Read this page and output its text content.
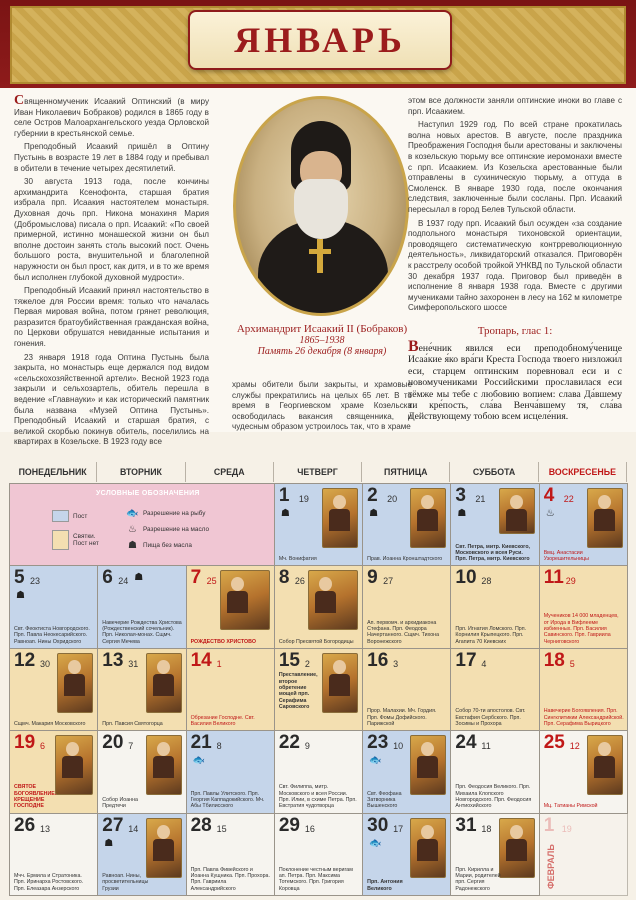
ЯНВАРЬ

Священномученик Исаакий Оптинский (в миру Иван Николаевич Бобраков) родился в 1865 году в селе Остров Малоархангельского уезда Орловской губернии в крестьянской семье.

Преподобный Исаакий пришёл в Оптину Пустынь в возрасте 19 лет в 1884 году и пребывал в обители в течение четырех десятилетий.

30 августа 1913 года, после кончины архимандрита Ксенофонта, старшая братия избрала прп. Исаакия настоятелем монастыря. Духовная дочь прп. Никона монахиня Мария (Добромыслова) писала о прп. Исаакий: «По своей примерной, истинно монашеской жизни он был вполне достоин занять столь высокий пост. Очень большого роста, внушительной и благолепной наружности он был прост, как дитя, и в то же время был исполнен глубокой духовной мудрости».

Преподобный Исаакий принял настоятельство в тяжелое для России время: только что началась Первая мировая война, потом грянет революция, разразится братоубийственная гражданская война, по Церкови обрушатся невиданные испытания и гонения.

23 января 1918 года Оптина Пустынь была закрыта, но монастырь еще держался под видом «сельскохозяйственной артели». Весной 1923 года закрыли и сельхозартель, обитель перешла в ведение «Главнауки» и как исторический памятник была названа «Музей Оптина Пустынь». Преподобный Исаакий и старшая братия, с великой скорбью покинув обитель, поселились на квартирах в Козельске. В 1923 году все

Архимандрит Исаакий II (Бобраков)
1865–1938
Память 26 декабря (8 января)

храмы обители были закрыты, и храмовые службы прекратились на целых 65 лет. В то время в Георгиевском храме Козельска освободилась вакансия священника, и чудесным образом устроилось так, что в храме

этом все должности заняли оптинские иноки во главе с прп. Исаакием.

Наступил 1929 год. По всей стране прокатилась волна новых арестов. В августе, после праздника Преображения Господня были арестованы и заключены в козельскую тюрьму все оптинские иеромонахи вместе с прп. Исаакием. Из Козельска арестованные были отправлены в сухиническую тюрьму, а оттуда в Смоленск. В январе 1930 года, после окончания следствия, заключенные были сосланы. Прп. Исаакий пересылал в город Белев Тульской области.

В 1937 году прп. Исаакий был осужден «за создание подпольного монастыря тихоновской ориентации, проводящего систематическую контрреволюционную деятельность», ликвидаторский отказался. Приговорён к расстрелу особой тройкой УНКВД по Тульской области 30 декабря 1937 года. Приговор был приведён в исполнение 8 января 1938 года. Вместе с другими мучениками тайно захоронен в лесу на 162 м километре Симферопольского шоссе

Тропарь, глас 1:
Вене́чник явился еси преподобному́ченице Исаа́кие я́ко вра́ги Креста Господа твоего низложи́л еси, старцем оптинским поревновал еси и с новомучениками Российскими прославилася еси тёмже мы тебе с любовию вопием: слава Да́вшему ти кре́пость, сла́ва Венча́вшему тя, сла́ва Действующему тобою всем исцеле́ния.
ПОНЕДЕЛЬНИК	ВТОРНИК	СРЕДА	ЧЕТВЕРГ	ПЯТНИЦА	СУББОТА	ВОСКРЕСЕНЬЕ
УСЛОВНЫЕ ОБОЗНАЧЕНИЯ
Пост
Святки. Пост нет
🐟 Разрешение на рыбу
♨ Разрешение на масло
☗ Пища без масла
1 19
☗
Мч. Вонифатия
2 20
☗
Прав. Иоанна Кронштадтского
3 21
☗
Свт. Петра, митр. Киевского, Московского и всея Руси. Прп. Петра, митр. Киевского
4 22
♨
Вмц. Анастасии Узорешительницы
5 23
☗
Свт. Феоктиста Новгородского. Прп. Павла Неокесарийского. Равноап. Нины Охридского
6 24 ☗
Навечерие Рождества Христова (Рождественский сочельник). Прп. Николая-монах. Сщмч. Сергия Мечева
7 25
РОЖДЕСТВО ХРИСТОВО
8 26
Собор Пресвятой Богородицы
9 27
Ап. первомч. и архидиакона Стефана. Прп. Феодора Начертанного. Сщмч. Тихона Воронежского
10 28
Прп. Игнатия Ломского. Прп. Корнилия Крыпецкого. Прп. Агапита 70 Киевских
11 29
Мучеников 14 000 младенцев, от Ирода в Вифлееме избиенных. Прп. Василия Савинского. Прп. Гавриила Черниговского
12 30
Сщмч. Макария Московского
13 31
Прп. Павсия Святогорца
14 1
Обрезание Господне. Свт. Василия Великого
15 2
Преставление, второе обретение мощей прп. Серафима Саровского
16 3
Прор. Малахии. Мч. Гордия. Прп. Фомы Дофийского. Парижской
17 4
Собор 70-ти апостолов. Свт. Евстафия Сербского. Прп. Зосимы и Прохора
18 5
Навечерие Богоявления. Прп. Сингклитикии Александрийской. Прп. Серафима Вырицкого
19 6
СВЯТОЕ БОГОЯВЛЕНИЕ. КРЕЩЕНИЕ ГОСПОДНЕ
20 7
Собор Иоанна Предтечи
21 8
🐟
Прп. Павлы Улитского. Прп. Георгия Каппадокийского. Мч. Абы Тбилисского
22 9
Свт. Филиппа, митр. Московского и всея России. Прп. Илии, в схиме Петра. Прп. Евстратия чудотворца
23 10
🐟
Свт. Феофана Затворника Вышенского
24 11
Прп. Феодосия Великого. Прп. Михаила Клопского Новгородского. Прп. Феодосия Антиохийского
25 12
Мц. Татианы Римской
26 13
Мчч. Ермила и Стратоника. Прп. Иринарха Ростовского. Прп. Елеазара Анзерского
27 14
☗
Равноап. Нины, просветительницы Грузии
28 15
Прп. Павла Фивейского и Иоанна Кущника. Прп. Прохора. Прп. Гавриила Александрийского
29 16
Поклонение честным веригам ап. Петра. Прп. Максима Тотемского. Прп. Григория Коровца
30 17
🐟
Прп. Антония Великого
31 18
Прп. Кирилла и Марии, родителей прп. Сергия Радонежского
1 19
ФЕВРАЛЬ
